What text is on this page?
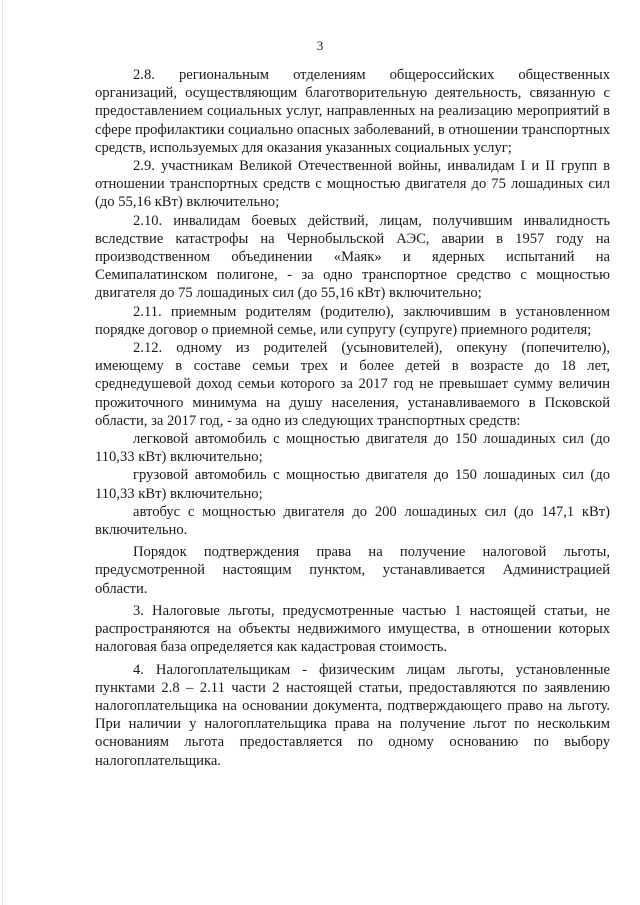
3

2.8. региональным отделениям общероссийских общественных организаций, осуществляющим благотворительную деятельность, связанную с предоставлением социальных услуг, направленных на реализацию мероприятий в сфере профилактики социально опасных заболеваний, в отношении транспортных средств, используемых для оказания указанных социальных услуг;

2.9. участникам Великой Отечественной войны, инвалидам I и II групп в отношении транспортных средств с мощностью двигателя до 75 лошадиных сил (до 55,16 кВт) включительно;

2.10. инвалидам боевых действий, лицам, получившим инвалидность вследствие катастрофы на Чернобыльской АЭС, аварии в 1957 году на производственном объединении «Маяк» и ядерных испытаний на Семипалатинском полигоне, - за одно транспортное средство с мощностью двигателя до 75 лошадиных сил (до 55,16 кВт) включительно;

2.11. приемным родителям (родителю), заключившим в установленном порядке договор о приемной семье, или супругу (супруге) приемного родителя;

2.12. одному из родителей (усыновителей), опекуну (попечителю), имеющему в составе семьи трех и более детей в возрасте до 18 лет, среднедушевой доход семьи которого за 2017 год не превышает сумму величин прожиточного минимума на душу населения, устанавливаемого в Псковской области, за 2017 год, - за одно из следующих транспортных средств:

легковой автомобиль с мощностью двигателя до 150 лошадиных сил (до 110,33 кВт) включительно;

грузовой автомобиль с мощностью двигателя до 150 лошадиных сил (до 110,33 кВт) включительно;

автобус с мощностью двигателя до 200 лошадиных сил (до 147,1 кВт) включительно.

Порядок подтверждения права на получение налоговой льготы, предусмотренной настоящим пунктом, устанавливается Администрацией области.

3. Налоговые льготы, предусмотренные частью 1 настоящей статьи, не распространяются на объекты недвижимого имущества, в отношении которых налоговая база определяется как кадастровая стоимость.

4. Налогоплательщикам - физическим лицам льготы, установленные пунктами 2.8 – 2.11 части 2 настоящей статьи, предоставляются по заявлению налогоплательщика на основании документа, подтверждающего право на льготу. При наличии у налогоплательщика права на получение льгот по нескольким основаниям льгота предоставляется по одному основанию по выбору налогоплательщика.
